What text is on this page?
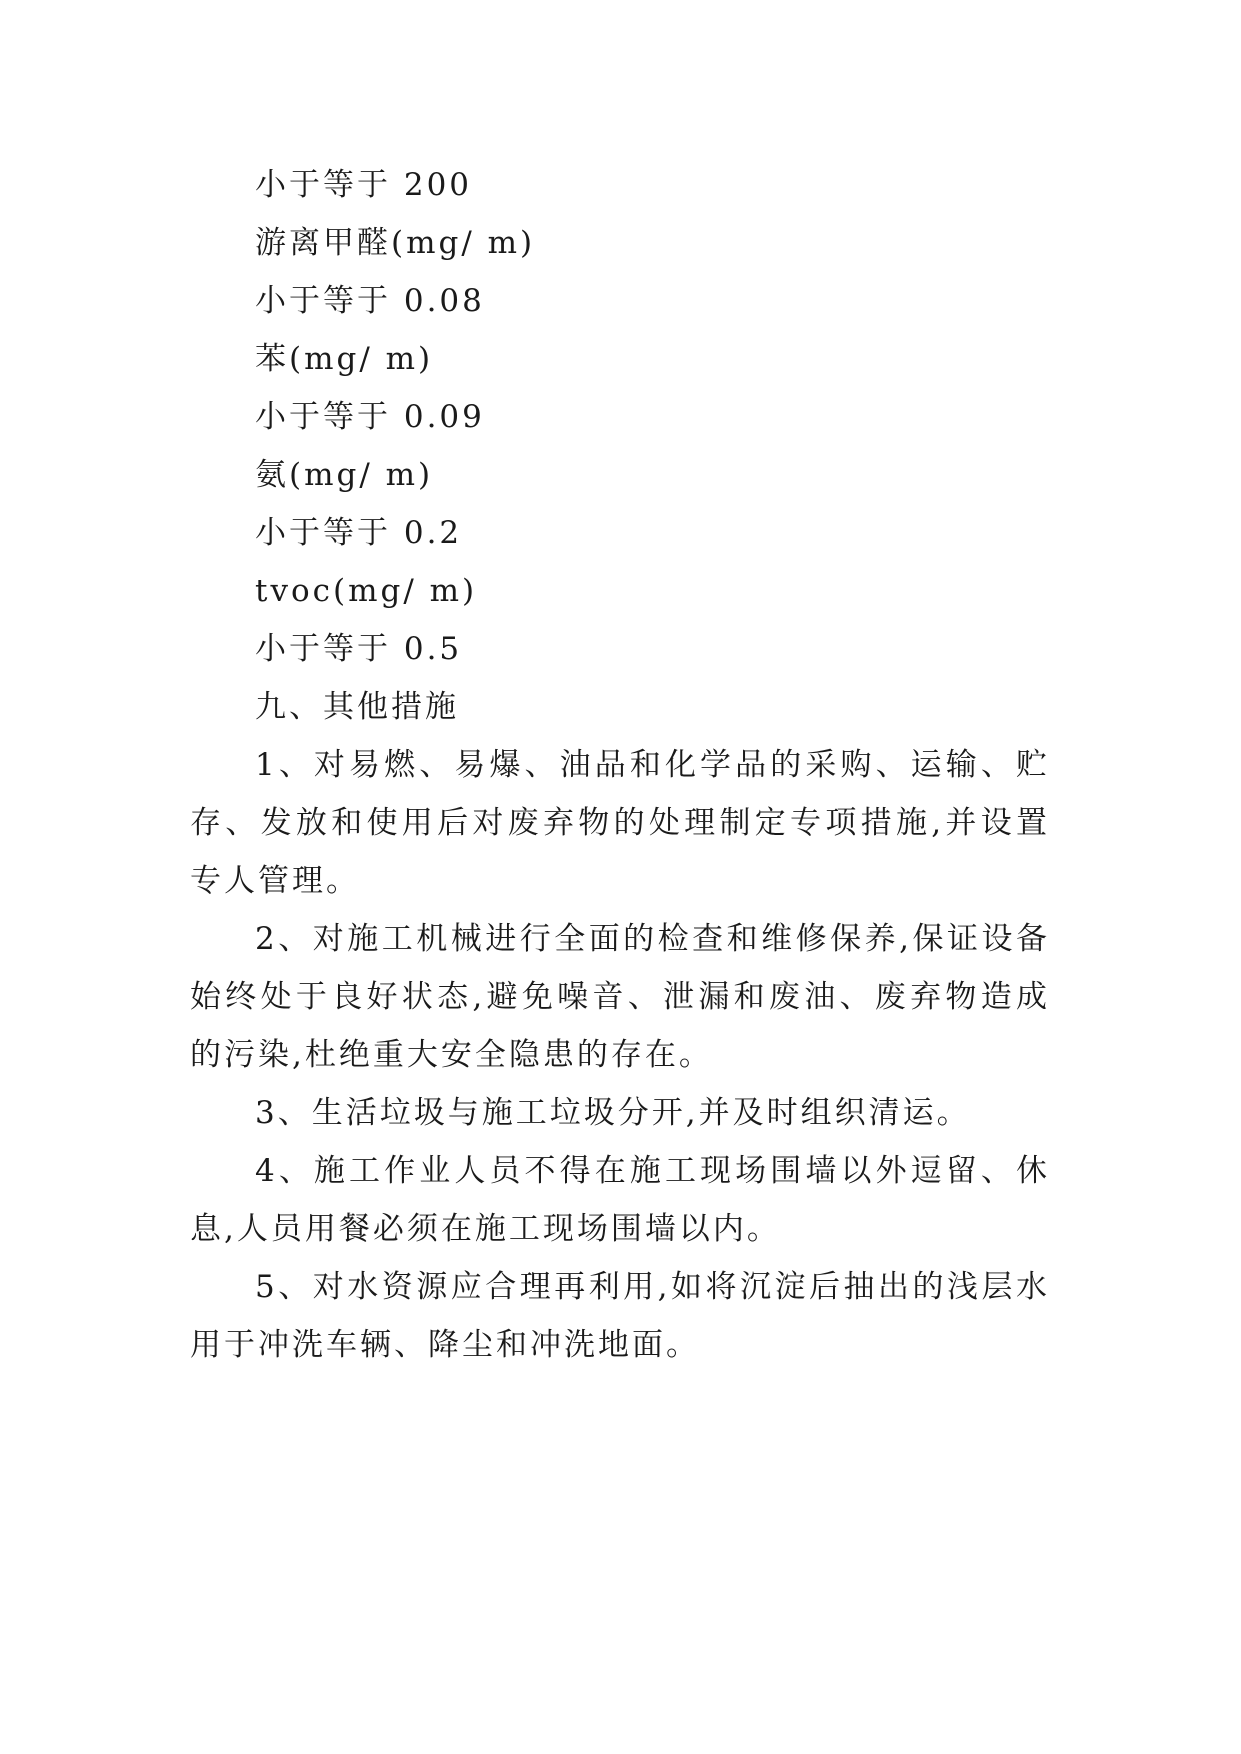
小于等于 200
游离甲醛(mg/ m)
小于等于 0.08
苯(mg/ m)
小于等于 0.09
氨(mg/ m)
小于等于 0.2
tvoc(mg/ m)
小于等于 0.5
九、其他措施

1、对易燃、易爆、油品和化学品的采购、运输、贮存、发放和使用后对废弃物的处理制定专项措施,并设置专人管理。

2、对施工机械进行全面的检查和维修保养,保证设备始终处于良好状态,避免噪音、泄漏和废油、废弃物造成的污染,杜绝重大安全隐患的存在。

3、生活垃圾与施工垃圾分开,并及时组织清运。

4、施工作业人员不得在施工现场围墙以外逗留、休息,人员用餐必须在施工现场围墙以内。

5、对水资源应合理再利用,如将沉淀后抽出的浅层水用于冲洗车辆、降尘和冲洗地面。
